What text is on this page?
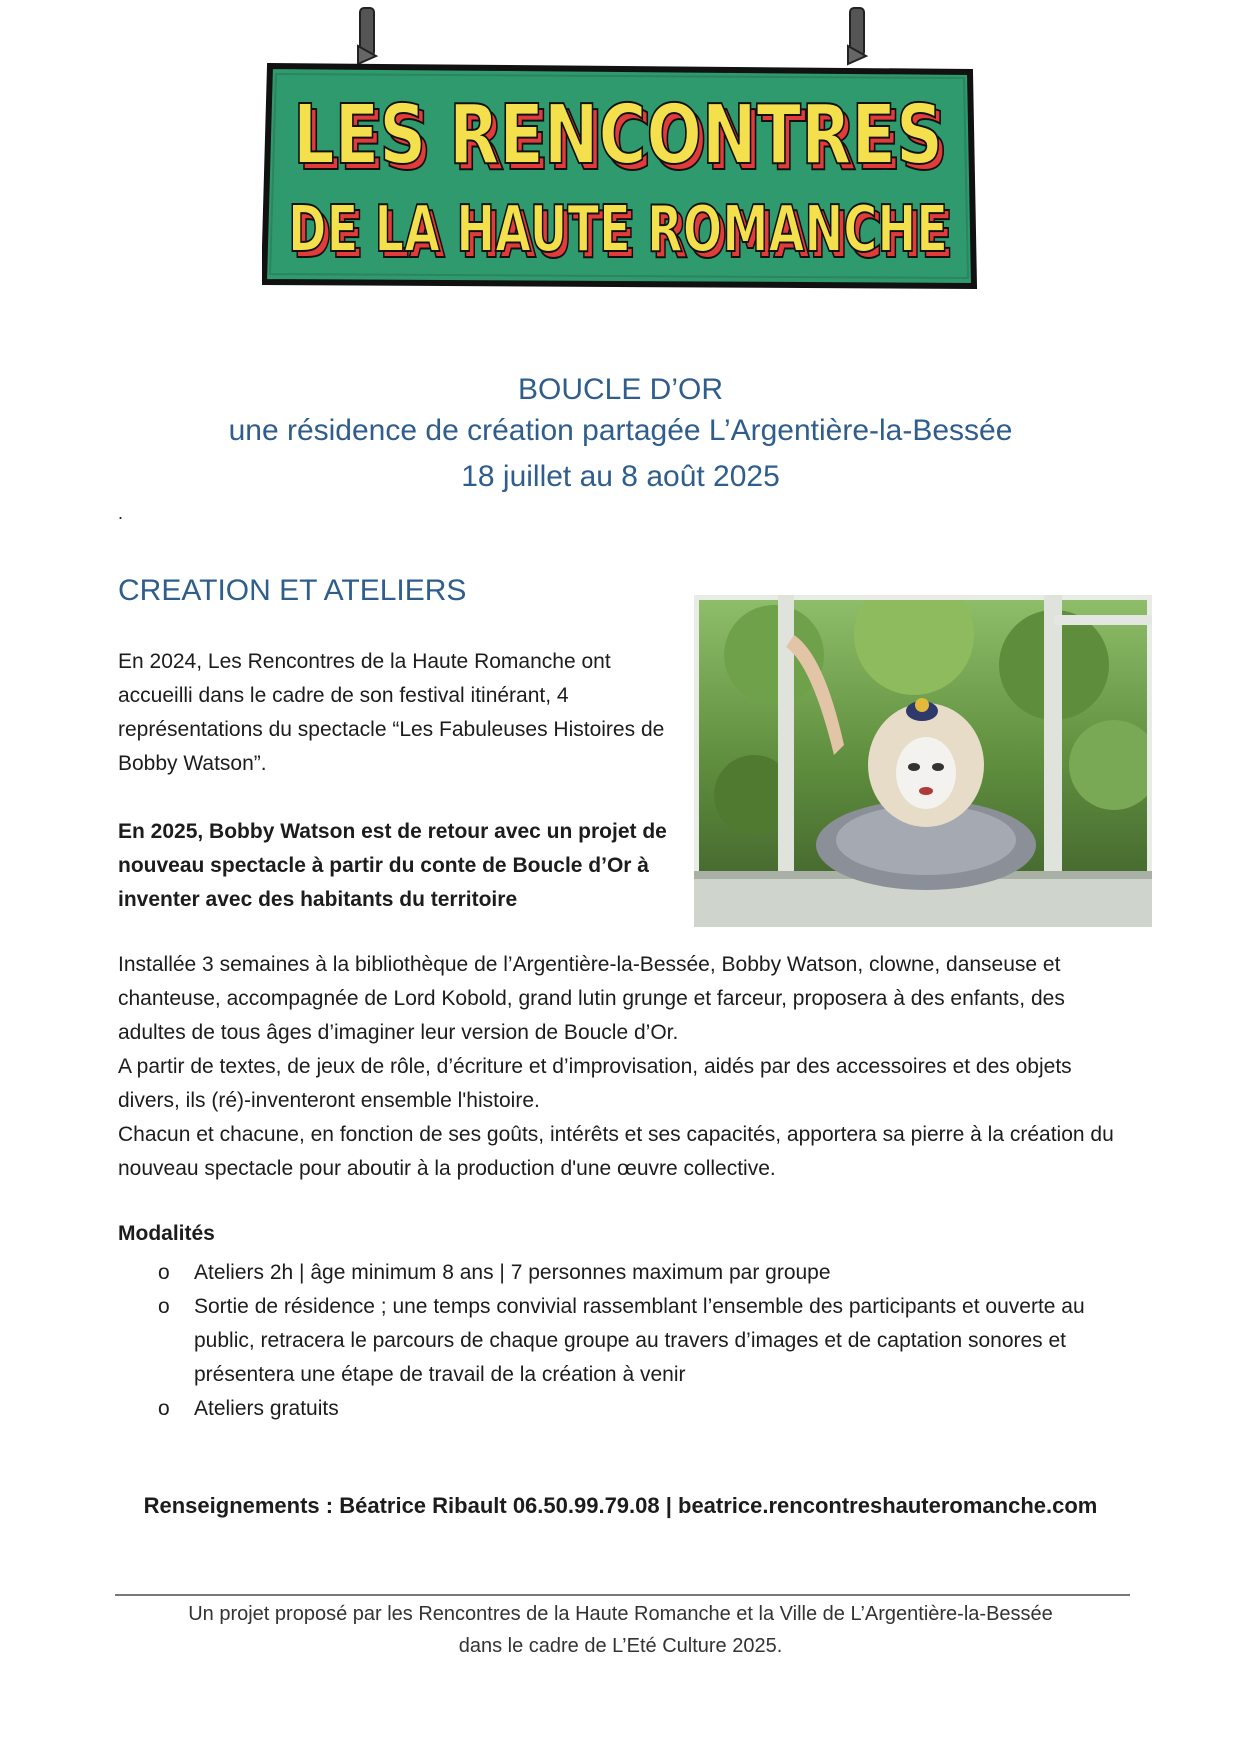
LES RENCONTRES
LES RENCONTRES
DE LA HAUTE ROMANCHE
DE LA HAUTE ROMANCHE
BOUCLE D’OR
une résidence de création partagée L’Argentière-la-Bessée
18 juillet au 8 août 2025
.
CREATION ET ATELIERS
En 2024, Les Rencontres de la Haute Romanche ont accueilli dans le cadre de son festival itinérant, 4 représentations du spectacle “Les Fabuleuses Histoires de Bobby Watson”.
En 2025, Bobby Watson est de retour avec un projet de nouveau spectacle à partir du conte de Boucle d’Or à inventer avec des habitants du territoire

Installée 3 semaines à la bibliothèque de l’Argentière-la-Bessée, Bobby Watson, clowne, danseuse et chanteuse, accompagnée de Lord Kobold, grand lutin grunge et farceur, proposera à des enfants, des adultes de tous âges d’imaginer leur version de Boucle d’Or.

A partir de textes, de jeux de rôle, d’écriture et d’improvisation, aidés par des accessoires et des objets divers, ils (ré)-inventeront ensemble l'histoire.

Chacun et chacune, en fonction de ses goûts, intérêts et ses capacités, apportera sa pierre à la création du nouveau spectacle pour aboutir à la production d'une œuvre collective.

Modalités
o Ateliers 2h | âge minimum 8 ans | 7 personnes maximum par groupe
o Sortie de résidence ; une temps convivial rassemblant l’ensemble des participants et ouverte au public, retracera le parcours de chaque groupe au travers d’images et de captation sonores et présentera une étape de travail de la création à venir
o Ateliers gratuits
Renseignements : Béatrice Ribault 06.50.99.79.08 | beatrice.rencontreshauteromanche.com
Un projet proposé par les Rencontres de la Haute Romanche et la Ville de L’Argentière-la-Bessée
dans le cadre de L’Eté Culture 2025.
